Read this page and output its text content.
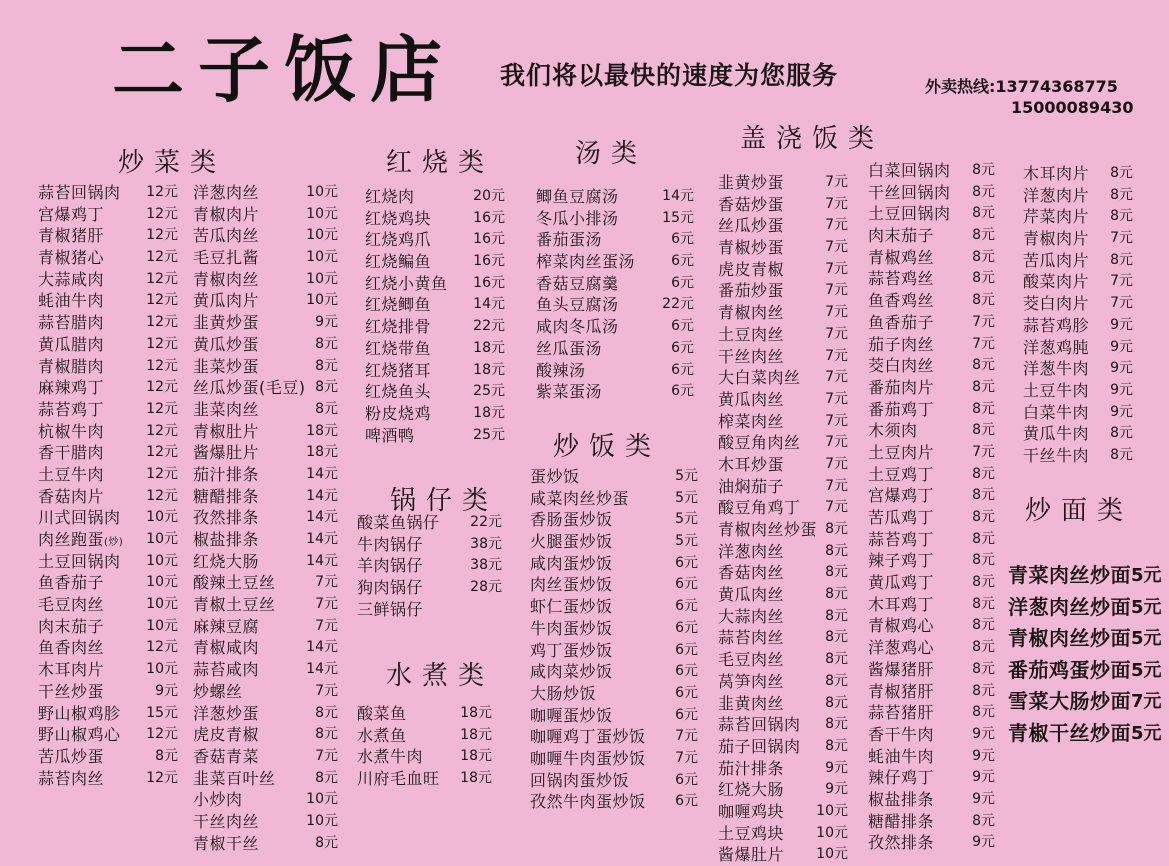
二子饭店 我们将以最快的速度为您服务	外卖热线:13774368775
15000089430
炒菜类	红烧类	汤类	盖浇饭类
锅仔类
水煮类
炒饭类
炒面类
蒜苔回锅肉 12元
宫爆鸡丁	12元
青椒猪肝	12元
青椒猪心	12元
大蒜咸肉	12元
蚝油牛肉	12元
蒜苔腊肉	12元
黄瓜腊肉	12元
青椒腊肉	12元
麻辣鸡丁	12元
蒜苔鸡丁	12元
杭椒牛肉	12元
香干腊肉	12元
土豆牛肉	12元
香菇肉片	12元
川式回锅肉 10元
肉丝跑蛋(炒) 10元
土豆回锅肉 10元
鱼香茄子	10元
毛豆肉丝	10元
肉末茄子	10元
鱼香肉丝	12元
木耳肉片	10元
干丝炒蛋	9元
野山椒鸡胗 15元
野山椒鸡心 12元
苦瓜炒蛋	8元
蒜苔肉丝	12元
洋葱肉丝	10元
青椒肉片	10元
苦瓜肉丝	10元
毛豆扎酱	10元
青椒肉丝	10元
黄瓜肉片	10元
韭黄炒蛋	9元
黄瓜炒蛋	8元
韭菜炒蛋	8元
丝瓜炒蛋(毛豆) 8元
韭菜肉丝	8元
青椒肚片	18元
酱爆肚片	18元
茄汁排条	14元
糖醋排条	14元
孜然排条	14元
椒盐排条	14元
红烧大肠	14元
酸辣土豆丝	7元
青椒土豆丝	7元
麻辣豆腐	7元
青椒咸肉	14元
蒜苔咸肉	14元
炒螺丝	7元
洋葱炒蛋	8元
虎皮青椒	8元
香菇青菜	7元
韭菜百叶丝	8元
小炒肉	10元
干丝肉丝	10元
青椒干丝	8元
红烧肉	20元
红烧鸡块	16元
红烧鸡爪	16元
红烧鳊鱼	16元
红烧小黄鱼 16元
红烧鲫鱼	14元
红烧排骨	22元
红烧带鱼	18元
红烧猪耳	18元
红烧鱼头	25元
粉皮烧鸡	18元
啤酒鸭	25元
酸菜鱼锅仔 22元
牛肉锅仔	38元
羊肉锅仔	38元
狗肉锅仔	28元
三鲜锅仔
酸菜鱼	18元
水煮鱼	18元
水煮牛肉	18元
川府毛血旺 18元
鲫鱼豆腐汤	14元
冬瓜小排汤	15元
番茄蛋汤	6元
榨菜肉丝蛋汤	6元
香菇豆腐羹	6元
鱼头豆腐汤	22元
咸肉冬瓜汤	6元
丝瓜蛋汤	6元
酸辣汤	6元
紫菜蛋汤	6元
蛋炒饭	5元
咸菜肉丝炒蛋	5元
香肠蛋炒饭	5元
火腿蛋炒饭	5元
咸肉蛋炒饭	6元
肉丝蛋炒饭	6元
虾仁蛋炒饭	6元
牛肉蛋炒饭	6元
鸡丁蛋炒饭	6元
咸肉菜炒饭	6元
大肠炒饭	6元
咖喱蛋炒饭	6元
咖喱鸡丁蛋炒饭 7元
咖喱牛肉蛋炒饭 7元
回锅肉蛋炒饭	6元
孜然牛肉蛋炒饭 6元
韭黄炒蛋	7元
香菇炒蛋	7元
丝瓜炒蛋	7元
青椒炒蛋	7元
虎皮青椒	7元
番茄炒蛋	7元
青椒肉丝	7元
土豆肉丝	7元
干丝肉丝	7元
大白菜肉丝 7元
黄瓜肉丝	7元
榨菜肉丝	7元
酸豆角肉丝 7元
木耳炒蛋	7元
油焖茄子	7元
酸豆角鸡丁 7元
青椒肉丝炒蛋 8元
洋葱肉丝	8元
香菇肉丝	8元
黄瓜肉丝	8元
大蒜肉丝	8元
蒜苔肉丝	8元
毛豆肉丝	8元
莴笋肉丝	8元
韭黄肉丝	8元
蒜苔回锅肉 8元
茄子回锅肉 8元
茄汁排条	9元
红烧大肠	9元
咖喱鸡块 10元
土豆鸡块 10元
酱爆肚片 10元
白菜回锅肉 8元
干丝回锅肉 8元
土豆回锅肉 8元
肉末茄子	8元
青椒鸡丝	8元
蒜苔鸡丝	8元
鱼香鸡丝	8元
鱼香茄子	7元
茄子肉丝	7元
茭白肉丝	8元
番茄肉片	8元
番茄鸡丁	8元
木须肉	8元
土豆肉片	7元
土豆鸡丁	8元
宫爆鸡丁	8元
苦瓜鸡丁	8元
蒜苔鸡丁	8元
辣子鸡丁	8元
黄瓜鸡丁	8元
木耳鸡丁	8元
青椒鸡心	8元
洋葱鸡心	8元
酱爆猪肝	8元
青椒猪肝	8元
蒜苔猪肝	8元
香干牛肉	9元
蚝油牛肉	9元
辣仔鸡丁	9元
椒盐排条	9元
糖醋排条	8元
孜然排条	9元
木耳肉片 8元
洋葱肉片 8元
芹菜肉片 8元
青椒肉片 7元
苦瓜肉片 8元
酸菜肉片 7元
茭白肉片 7元
蒜苔鸡胗 9元
洋葱鸡肫 9元
洋葱牛肉 9元
土豆牛肉 9元
白菜牛肉 9元
黄瓜牛肉 8元
干丝牛肉 8元
青菜肉丝炒面 5元
洋葱肉丝炒面 5元
青椒肉丝炒面 5元
番茄鸡蛋炒面 5元
雪菜大肠炒面 7元
青椒干丝炒面 5元
